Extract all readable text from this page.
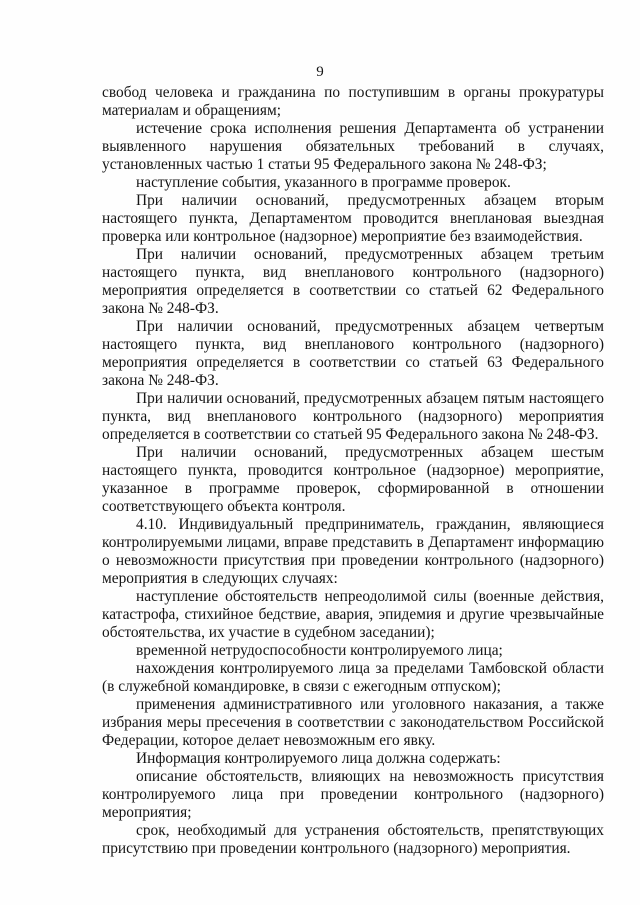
9

свобод человека и гражданина по поступившим в органы прокуратуры материалам и обращениям;

истечение срока исполнения решения Департамента об устранении выявленного нарушения обязательных требований в случаях, установленных частью 1 статьи 95 Федерального закона № 248-ФЗ;

наступление события, указанного в программе проверок.

При наличии оснований, предусмотренных абзацем вторым настоящего пункта, Департаментом проводится внеплановая выездная проверка или контрольное (надзорное) мероприятие без взаимодействия.

При наличии оснований, предусмотренных абзацем третьим настоящего пункта, вид внепланового контрольного (надзорного) мероприятия определяется в соответствии со статьей 62 Федерального закона № 248-ФЗ.

При наличии оснований, предусмотренных абзацем четвертым настоящего пункта, вид внепланового контрольного (надзорного) мероприятия определяется в соответствии со статьей 63 Федерального закона № 248-ФЗ.

При наличии оснований, предусмотренных абзацем пятым настоящего пункта, вид внепланового контрольного (надзорного) мероприятия определяется в соответствии со статьей 95 Федерального закона № 248-ФЗ.

При наличии оснований, предусмотренных абзацем шестым настоящего пункта, проводится контрольное (надзорное) мероприятие, указанное в программе проверок, сформированной в отношении соответствующего объекта контроля.

4.10. Индивидуальный предприниматель, гражданин, являющиеся контролируемыми лицами, вправе представить в Департамент информацию о невозможности присутствия при проведении контрольного (надзорного) мероприятия в следующих случаях:

наступление обстоятельств непреодолимой силы (военные действия, катастрофа, стихийное бедствие, авария, эпидемия и другие чрезвычайные обстоятельства, их участие в судебном заседании);

временной нетрудоспособности контролируемого лица;

нахождения контролируемого лица за пределами Тамбовской области (в служебной командировке, в связи с ежегодным отпуском);

применения административного или уголовного наказания, а также избрания меры пресечения в соответствии с законодательством Российской Федерации, которое делает невозможным его явку.

Информация контролируемого лица должна содержать:

описание обстоятельств, влияющих на невозможность присутствия контролируемого лица при проведении контрольного (надзорного) мероприятия;

срок, необходимый для устранения обстоятельств, препятствующих присутствию при проведении контрольного (надзорного) мероприятия.
